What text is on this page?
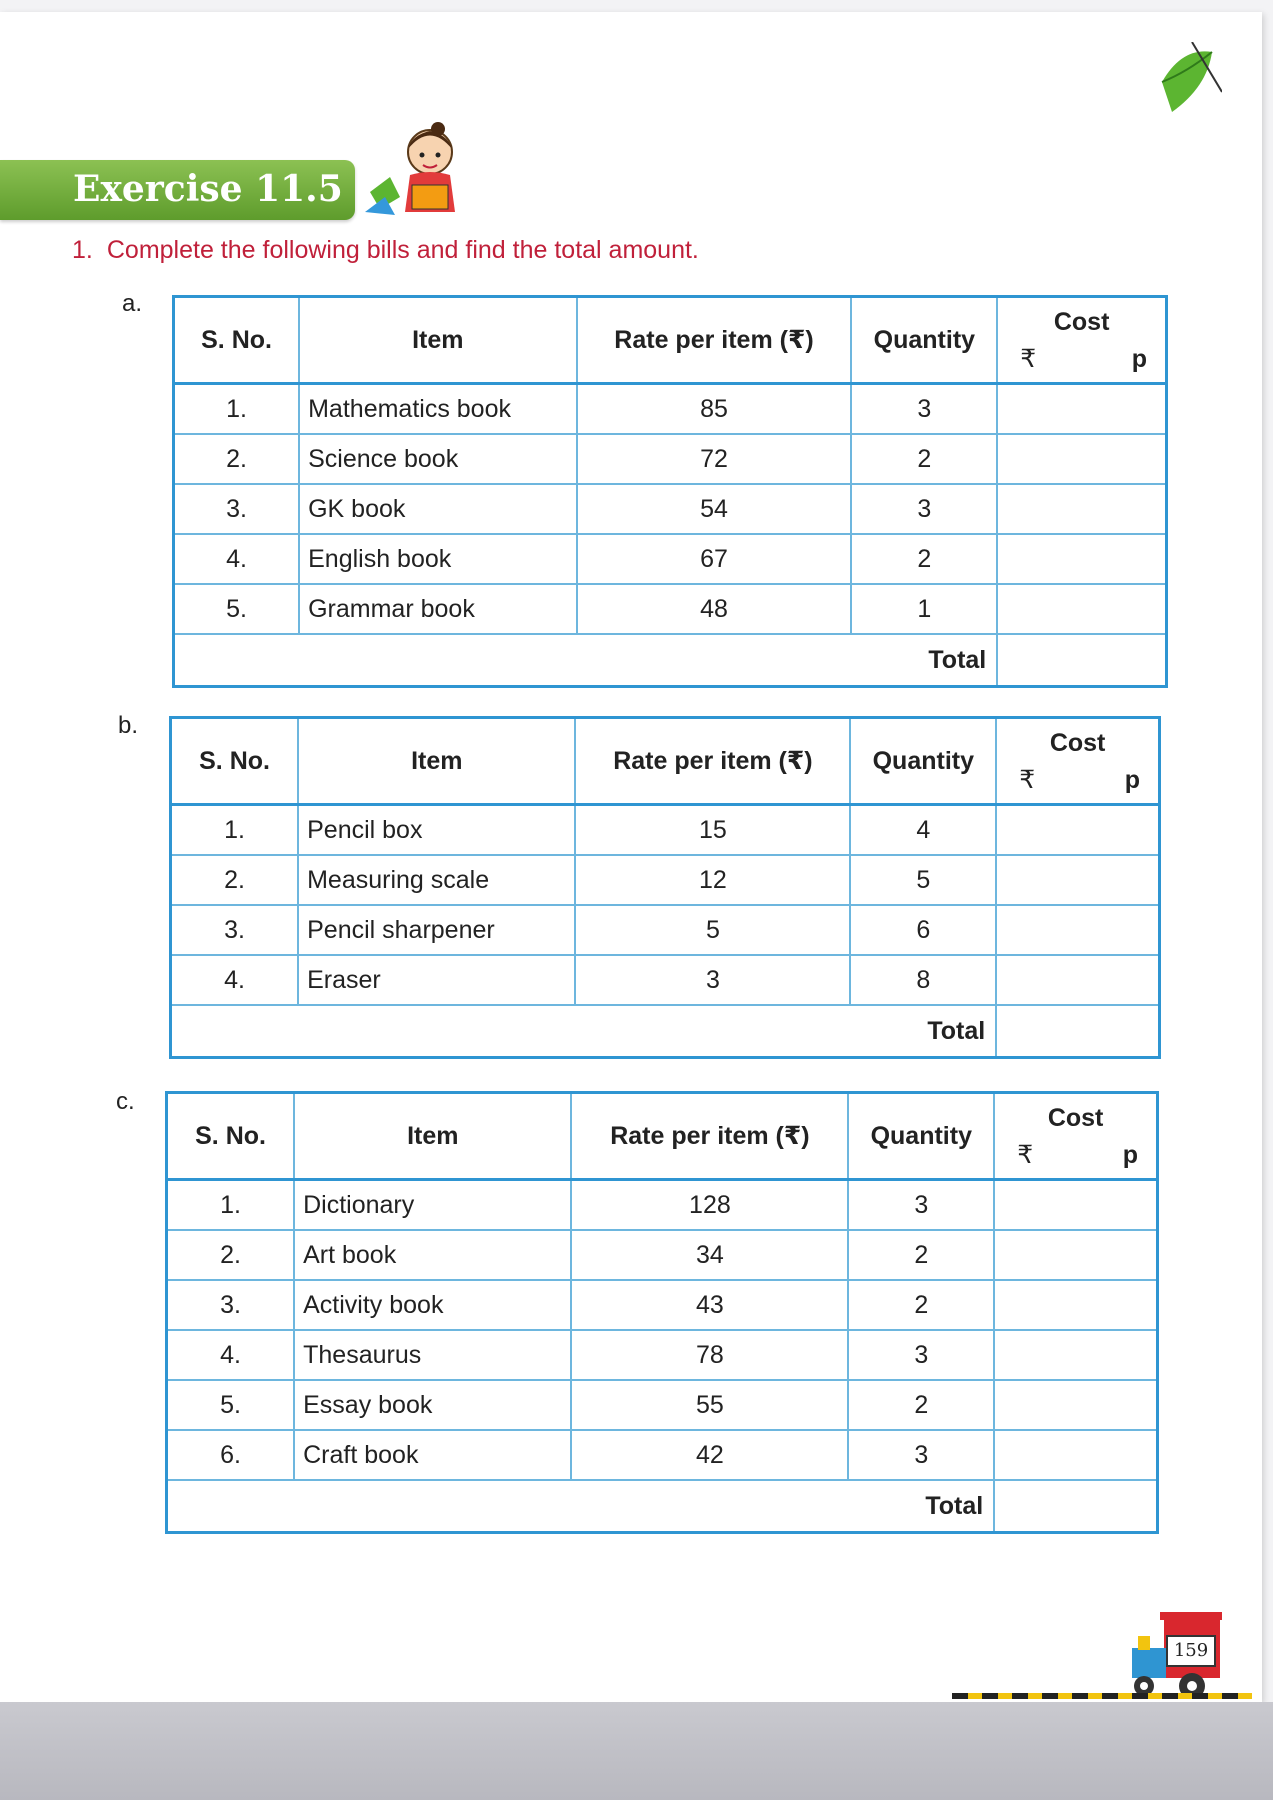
Exercise 11.5
1. Complete the following bills and find the total amount.
a.
S. No.	Item	Rate per item (₹)	Quantity	Cost
₹ p

1.	Mathematics book	85	3	
2.	Science book	72	2	
3.	GK book	54	3	
4.	English book	67	2	
5.	Grammar book	48	1	
			Total	
b.
S. No.	Item	Rate per item (₹)	Quantity	Cost
₹ p

1.	Pencil box	15	4	
2.	Measuring scale	12	5	
3.	Pencil sharpener	5	6	
4.	Eraser	3	8	
			Total	
c.
S. No.	Item	Rate per item (₹)	Quantity	Cost
₹ p

1.	Dictionary	128	3	
2.	Art book	34	2	
3.	Activity book	43	2	
4.	Thesaurus	78	3	
5.	Essay book	55	2	
6.	Craft book	42	3	
			Total	
159
